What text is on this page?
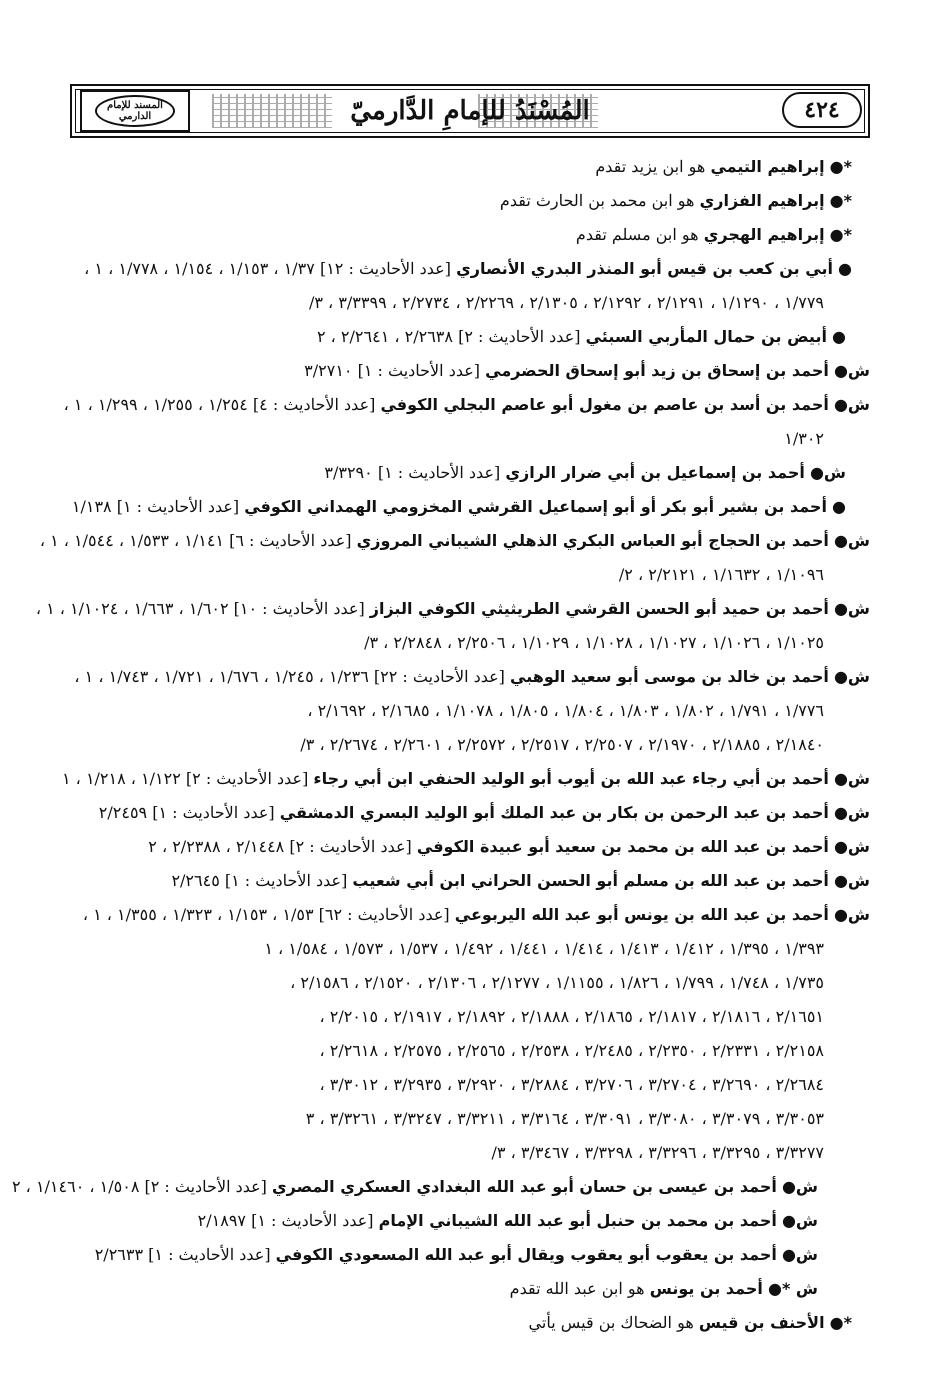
٤٢٤
المُسْنَدُ للإمامِ الدَّارميّ
المسند للإمام الدارمي
*● إبراهيم التيمي هو ابن يزيد تقدم
*● إبراهيم الفزاري هو ابن محمد بن الحارث تقدم
*● إبراهيم الهجري هو ابن مسلم تقدم
● أبي بن كعب بن قيس أبو المنذر البدري الأنصاري [عدد الأحاديث : ١٢] ١/٣٧ ، ١/١٥٣ ، ١/١٥٤ ، ١/٧٧٨ ، ١ ،
١/٧٧٩ ، ١/١٢٩٠ ، ٢/١٢٩١ ، ٢/١٢٩٢ ، ٢/١٣٠٥ ، ٢/٢٢٦٩ ، ٢/٢٧٣٤ ، ٣/٣٣٩٩ ، ٣/
● أبيض بن حمال المأربي السبئي [عدد الأحاديث : ٢] ٢/٢٦٣٨ ، ٢/٢٦٤١ ، ٢
ش● أحمد بن إسحاق بن زيد أبو إسحاق الحضرمي [عدد الأحاديث : ١] ٣/٢٧١٠
ش● أحمد بن أسد بن عاصم بن مغول أبو عاصم البجلي الكوفي [عدد الأحاديث : ٤] ١/٢٥٤ ، ١/٢٥٥ ، ١/٢٩٩ ، ١ ،
١/٣٠٢
ش● أحمد بن إسماعيل بن أبي ضرار الرازي [عدد الأحاديث : ١] ٣/٣٢٩٠
● أحمد بن بشير أبو بكر أو أبو إسماعيل القرشي المخزومي الهمداني الكوفي [عدد الأحاديث : ١] ١/١٣٨
ش● أحمد بن الحجاج أبو العباس البكري الذهلي الشيباني المروزي [عدد الأحاديث : ٦] ١/١٤١ ، ١/٥٣٣ ، ١/٥٤٤ ، ١ ،
١/١٠٩٦ ، ١/١٦٣٢ ، ٢/٢١٢١ ، ٢/
ش● أحمد بن حميد أبو الحسن القرشي الطريثيثي الكوفي البزاز [عدد الأحاديث : ١٠] ١/٦٠٢ ، ١/٦٦٣ ، ١/١٠٢٤ ، ١ ،
١/١٠٢٥ ، ١/١٠٢٦ ، ١/١٠٢٧ ، ١/١٠٢٨ ، ١/١٠٢٩ ، ٢/٢٥٠٦ ، ٢/٢٨٤٨ ، ٣/
ش● أحمد بن خالد بن موسى أبو سعيد الوهبي [عدد الأحاديث : ٢٢] ١/٢٣٦ ، ١/٢٤٥ ، ١/٦٧٦ ، ١/٧٢١ ، ١/٧٤٣ ، ١ ،
١/٧٧٦ ، ١/٧٩١ ، ١/٨٠٢ ، ١/٨٠٣ ، ١/٨٠٤ ، ١/٨٠٥ ، ١/١٠٧٨ ، ٢/١٦٨٥ ، ٢/١٦٩٢ ،
٢/١٨٤٠ ، ٢/١٨٨٥ ، ٢/١٩٧٠ ، ٢/٢٥٠٧ ، ٢/٢٥١٧ ، ٢/٢٥٧٢ ، ٢/٢٦٠١ ، ٢/٢٦٧٤ ، ٣/
ش● أحمد بن أبي رجاء عبد الله بن أيوب أبو الوليد الحنفي ابن أبي رجاء [عدد الأحاديث : ٢] ١/١٢٢ ، ١/٢١٨ ، ١
ش● أحمد بن عبد الرحمن بن بكار بن عبد الملك أبو الوليد البسري الدمشقي [عدد الأحاديث : ١] ٢/٢٤٥٩
ش● أحمد بن عبد الله بن محمد بن سعيد أبو عبيدة الكوفي [عدد الأحاديث : ٢] ٢/١٤٤٨ ، ٢/٢٣٨٨ ، ٢
ش● أحمد بن عبد الله بن مسلم أبو الحسن الحراني ابن أبي شعيب [عدد الأحاديث : ١] ٢/٢٦٤٥
ش● أحمد بن عبد الله بن يونس أبو عبد الله اليربوعي [عدد الأحاديث : ٦٢] ١/٥٣ ، ١/١٥٣ ، ١/٣٢٣ ، ١/٣٥٥ ، ١ ،
١/٣٩٣ ، ١/٣٩٥ ، ١/٤١٢ ، ١/٤١٣ ، ١/٤١٤ ، ١/٤٤١ ، ١/٤٩٢ ، ١/٥٣٧ ، ١/٥٧٣ ، ١/٥٨٤ ، ١
١/٧٣٥ ، ١/٧٤٨ ، ١/٧٩٩ ، ١/٨٢٦ ، ١/١١٥٥ ، ٢/١٢٧٧ ، ٢/١٣٠٦ ، ٢/١٥٢٠ ، ٢/١٥٨٦ ،
٢/١٦٥١ ، ٢/١٨١٦ ، ٢/١٨١٧ ، ٢/١٨٦٥ ، ٢/١٨٨٨ ، ٢/١٨٩٢ ، ٢/١٩١٧ ، ٢/٢٠١٥ ،
٢/٢١٥٨ ، ٢/٢٣٣١ ، ٢/٢٣٥٠ ، ٢/٢٤٨٥ ، ٢/٢٥٣٨ ، ٢/٢٥٦٥ ، ٢/٢٥٧٥ ، ٢/٢٦١٨ ،
٢/٢٦٨٤ ، ٣/٢٦٩٠ ، ٣/٢٧٠٤ ، ٣/٢٧٠٦ ، ٣/٢٨٨٤ ، ٣/٢٩٢٠ ، ٣/٢٩٣٥ ، ٣/٣٠١٢ ،
٣/٣٠٥٣ ، ٣/٣٠٧٩ ، ٣/٣٠٨٠ ، ٣/٣٠٩١ ، ٣/٣١٦٤ ، ٣/٣٢١١ ، ٣/٣٢٤٧ ، ٣/٣٢٦١ ، ٣
٣/٣٢٧٧ ، ٣/٣٢٩٥ ، ٣/٣٢٩٦ ، ٣/٣٢٩٨ ، ٣/٣٤٦٧ ، ٣/
ش● أحمد بن عيسى بن حسان أبو عبد الله البغدادي العسكري المصري [عدد الأحاديث : ٢] ١/٥٠٨ ، ١/١٤٦٠ ، ٢
ش● أحمد بن محمد بن حنبل أبو عبد الله الشيباني الإمام [عدد الأحاديث : ١] ٢/١٨٩٧
ش● أحمد بن يعقوب أبو يعقوب ويقال أبو عبد الله المسعودي الكوفي [عدد الأحاديث : ١] ٢/٢٦٣٣
ش *● أحمد بن يونس هو ابن عبد الله تقدم
*● الأحنف بن قيس هو الضحاك بن قيس يأتي
